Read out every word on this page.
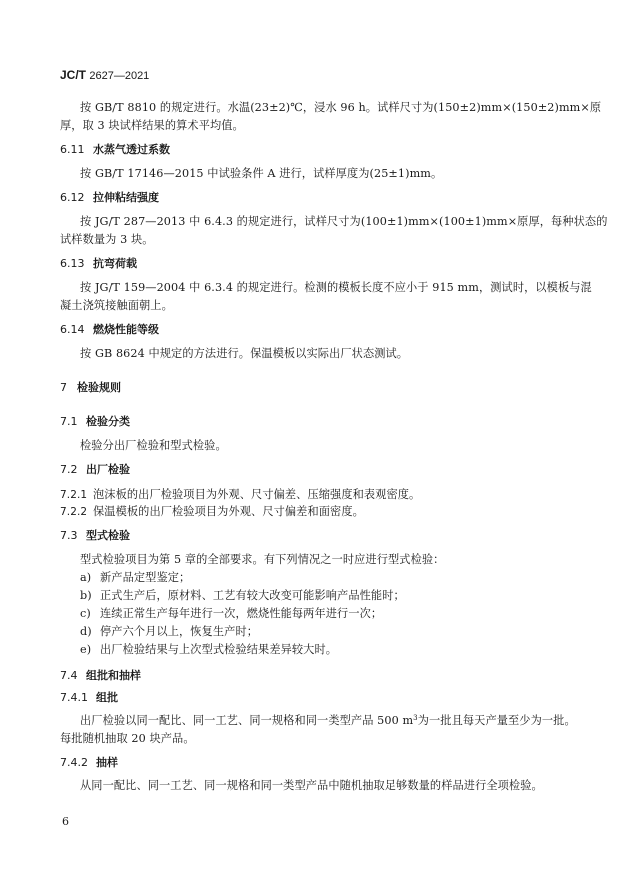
JC/T 2627—2021
按 GB/T 8810 的规定进行。水温(23±2)℃，浸水 96 h。试样尺寸为(150±2)mm×(150±2)mm×原
厚，取 3 块试样结果的算术平均值。
6.11 水蒸气透过系数
按 GB/T 17146—2015 中试验条件 A 进行，试样厚度为(25±1)mm。
6.12 拉伸粘结强度
按 JG/T 287—2013 中 6.4.3 的规定进行，试样尺寸为(100±1)mm×(100±1)mm×原厚，每种状态的
试样数量为 3 块。
6.13 抗弯荷载
按 JG/T 159—2004 中 6.3.4 的规定进行。检测的模板长度不应小于 915 mm，测试时，以模板与混
凝土浇筑接触面朝上。
6.14 燃烧性能等级
按 GB 8624 中规定的方法进行。保温模板以实际出厂状态测试。
7 检验规则
7.1 检验分类
检验分出厂检验和型式检验。
7.2 出厂检验
7.2.1 泡沫板的出厂检验项目为外观、尺寸偏差、压缩强度和表观密度。
7.2.2 保温模板的出厂检验项目为外观、尺寸偏差和面密度。
7.3 型式检验
型式检验项目为第 5 章的全部要求。有下列情况之一时应进行型式检验：
a) 新产品定型鉴定；
b) 正式生产后，原材料、工艺有较大改变可能影响产品性能时；
c) 连续正常生产每年进行一次，燃烧性能每两年进行一次；
d) 停产六个月以上，恢复生产时；
e) 出厂检验结果与上次型式检验结果差异较大时。
7.4 组批和抽样
7.4.1 组批
出厂检验以同一配比、同一工艺、同一规格和同一类型产品 500 $m^3$为一批且每天产量至少为一批。
每批随机抽取 20 块产品。
7.4.2 抽样
从同一配比、同一工艺、同一规格和同一类型产品中随机抽取足够数量的样品进行全项检验。
6
